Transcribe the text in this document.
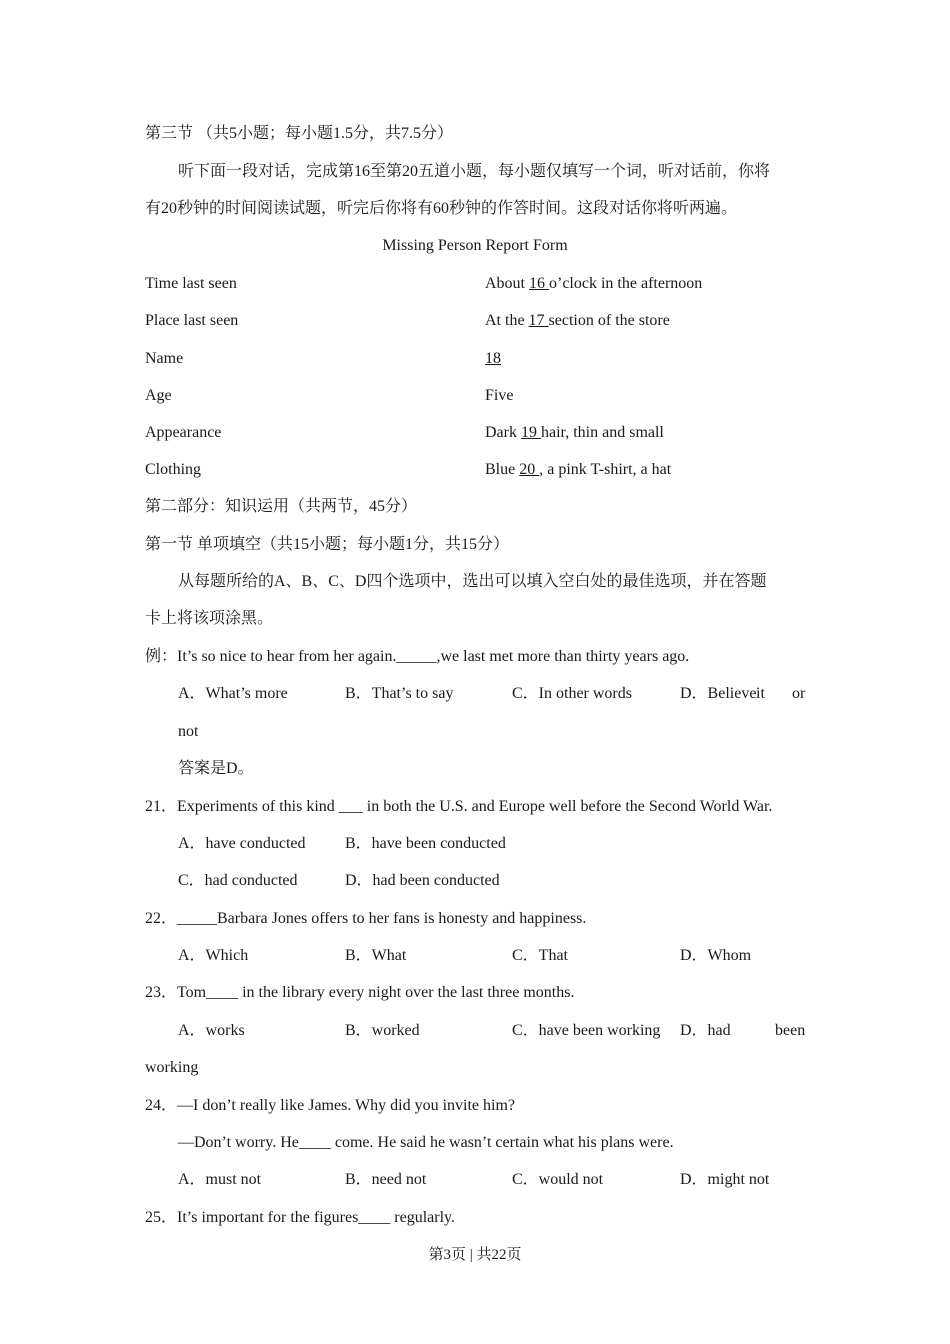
第三节 （共5小题；每小题1.5分，共7.5分）
听下面一段对话，完成第16至第20五道小题，每小题仅填写一个词，听对话前，你将
有20秒钟的时间阅读试题，听完后你将有60秒钟的作答时间。这段对话你将听两遍。
Missing Person Report Form
Time last seen	About 16 o’clock in the afternoon
Place last seen	At the 17 section of the store
Name	18
Age	Five
Appearance	Dark 19 hair, thin and small
Clothing	Blue 20 , a pink T-shirt, a hat
第二部分：知识运用（共两节，45分）
第一节 单项填空（共15小题；每小题1分，共15分）
从每题所给的A、B、C、D四个选项中，选出可以填入空白处的最佳选项，并在答题
卡上将该项涂黑。
例：It’s so nice to hear from her again._____,we last met more than thirty years ago.
A．What’s more	B．That’s to say	C．In other words	D．Believe it or
not
答案是D。
21．Experiments of this kind ___ in both the U.S. and Europe well before the Second World War.
A．have conducted B．have been conducted
C．had conducted	D．had been conducted
22．_____Barbara Jones offers to her fans is honesty and happiness.
A．Which	B．What	C．That	D．Whom
23．Tom____ in the library every night over the last three months.
A．works	B．worked	C．have been working D．had	been
working
24．—I don’t really like James. Why did you invite him?
—Don’t worry. He____ come. He said he wasn’t certain what his plans were.
A．must not	B．need not	C．would not	D．might not
25．It’s important for the figures____ regularly.
第3页 | 共22页
